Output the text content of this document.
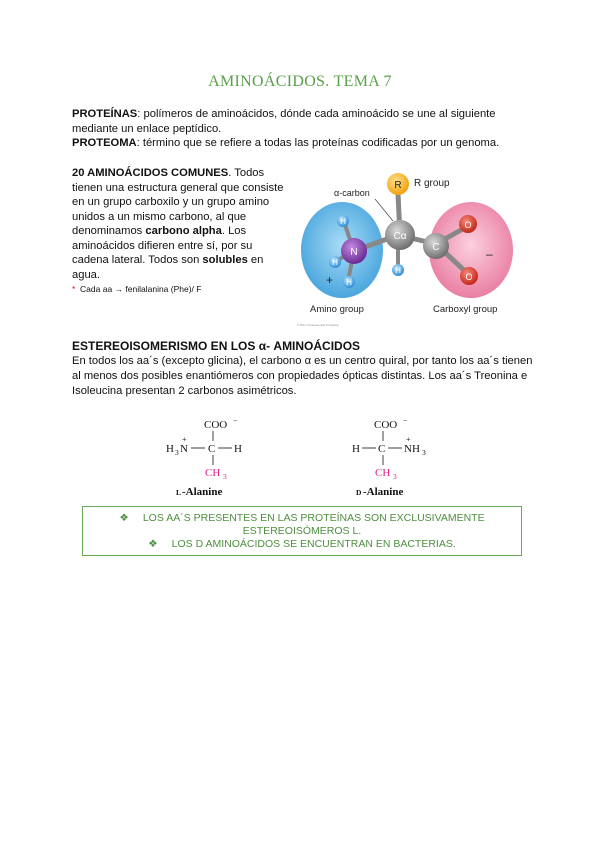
AMINOÁCIDOS. TEMA 7

PROTEÍNAS: polímeros de aminoácidos, dónde cada aminoácido se une al siguiente mediante un enlace peptídico.

PROTEOMA: término que se refiere a todas las proteínas codificadas por un genoma.

20 AMINOÁCIDOS COMUNES. Todos tienen una estructura general que consiste en un grupo carboxilo y un grupo amino unidos a un mismo carbono, al que denominamos carbono alpha. Los aminoácidos difieren entre sí, por su cadena lateral. Todos son solubles en agua.

* Cada aa → fenilalanina (Phe)/ F

R
Cα
C
O
O
N
H
H
H
H
+
–
R group
α-carbon
Amino group	Carboxyl group
© W.H. Freeman and Company
ESTEREOISOMERISMO EN LOS α- AMINOÁCIDOS

En todos los aa´s (excepto glicina), el carbono α es un centro quiral, por tanto los aa´s tienen al menos dos posibles enantiómeros con propiedades ópticas distintas. Los aa´s Treonina e Isoleucina presentan 2 carbonos asimétricos.

COO −
H 3 N
+
C H
CH 3
L -Alanine
COO −
H C NH 3
+
CH 3
D -Alanine

❖ LOS AA´S PRESENTES EN LAS PROTEÍNAS SON EXCLUSIVAMENTE

ESTEREOISÓMEROS L.

❖ LOS D AMINOÁCIDOS SE ENCUENTRAN EN BACTERIAS.
